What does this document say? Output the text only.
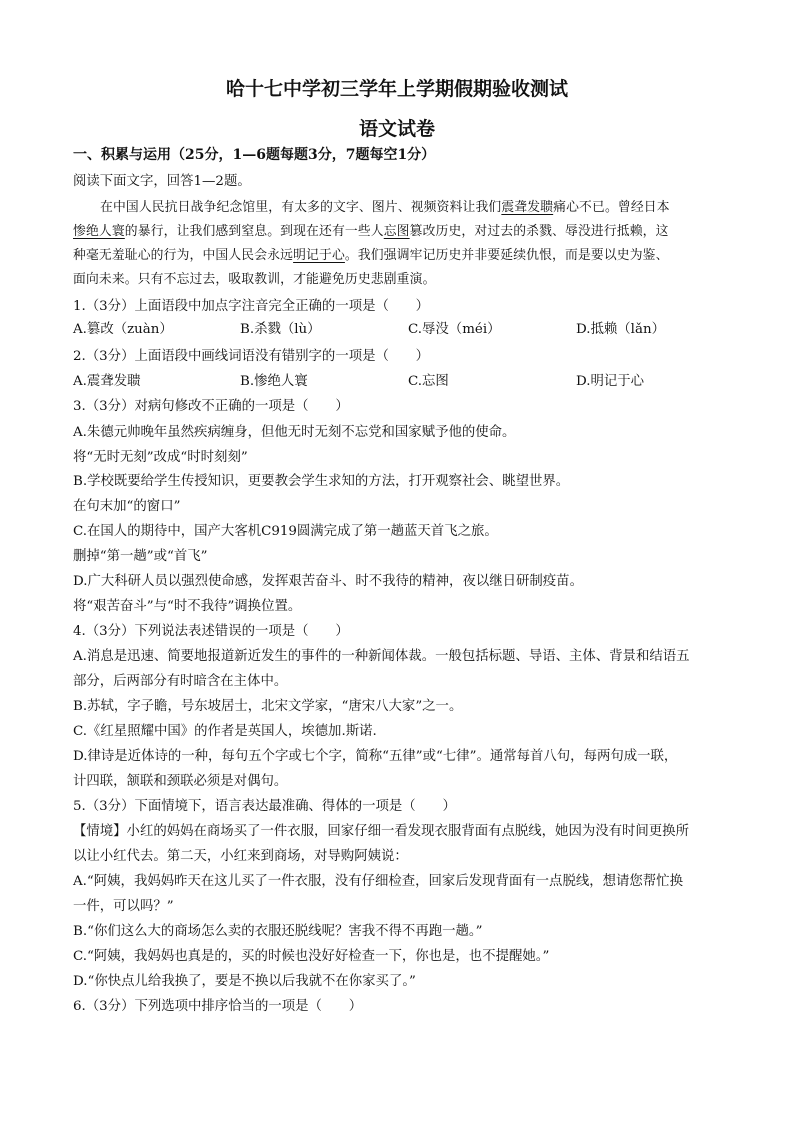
哈十七中学初三学年上学期假期验收测试
语文试卷
一、积累与运用（25分，1—6题每题3分，7题每空1分）
阅读下面文字，回答1—2题。
在中国人民抗日战争纪念馆里，有太多的文字、图片、视频资料让我们震聋发聩痛心不已。曾经日本
惨绝人寰的暴行，让我们感到窒息。到现在还有一些人忘图篡改历史，对过去的杀戮、辱没进行抵赖，这
种毫无羞耻心的行为，中国人民会永远明记于心。我们强调牢记历史并非要延续仇恨，而是要以史为鉴、
面向未来。只有不忘过去，吸取教训，才能避免历史悲剧重演。
1.（3分）上面语段中加点字注音完全正确的一项是（　　）
A.篡改（zuàn）	B.杀戮（lù）	C.辱没（méi）	D.抵赖（lǎn）
2.（3分）上面语段中画线词语没有错别字的一项是（　　）
A.震聋发聩	B.惨绝人寰	C.忘图	D.明记于心
3.（3分）对病句修改不正确的一项是（　　）
A.朱德元帅晚年虽然疾病缠身，但他无时无刻不忘党和国家赋予他的使命。
将“无时无刻”改成“时时刻刻”
B.学校既要给学生传授知识，更要教会学生求知的方法，打开观察社会、眺望世界。
在句末加“的窗口”
C.在国人的期待中，国产大客机C919圆满完成了第一趟蓝天首飞之旅。
删掉“第一趟”或“首飞”
D.广大科研人员以强烈使命感，发挥艰苦奋斗、时不我待的精神，夜以继日研制疫苗。
将“艰苦奋斗”与“时不我待”调换位置。
4.（3分）下列说法表述错误的一项是（　　）
A.消息是迅速、简要地报道新近发生的事件的一种新闻体裁。一般包括标题、导语、主体、背景和结语五
部分，后两部分有时暗含在主体中。
B.苏轼，字子瞻，号东坡居士，北宋文学家，“唐宋八大家”之一。
C.《红星照耀中国》的作者是英国人，埃德加.斯诺.
D.律诗是近体诗的一种，每句五个字或七个字，简称“五律”或“七律”。通常每首八句，每两句成一联，
计四联，颔联和颈联必须是对偶句。
5.（3分）下面情境下，语言表达最准确、得体的一项是（　　）
【情境】小红的妈妈在商场买了一件衣服，回家仔细一看发现衣服背面有点脱线，她因为没有时间更换所
以让小红代去。第二天，小红来到商场，对导购阿姨说：
A.“阿姨，我妈妈昨天在这儿买了一件衣服，没有仔细检查，回家后发现背面有一点脱线，想请您帮忙换
一件，可以吗？”
B.“你们这么大的商场怎么卖的衣服还脱线呢？害我不得不再跑一趟。”
C.“阿姨，我妈妈也真是的，买的时候也没好好检查一下，你也是，也不提醒她。”
D.“你快点儿给我换了，要是不换以后我就不在你家买了。”
6.（3分）下列选项中排序恰当的一项是（　　）
